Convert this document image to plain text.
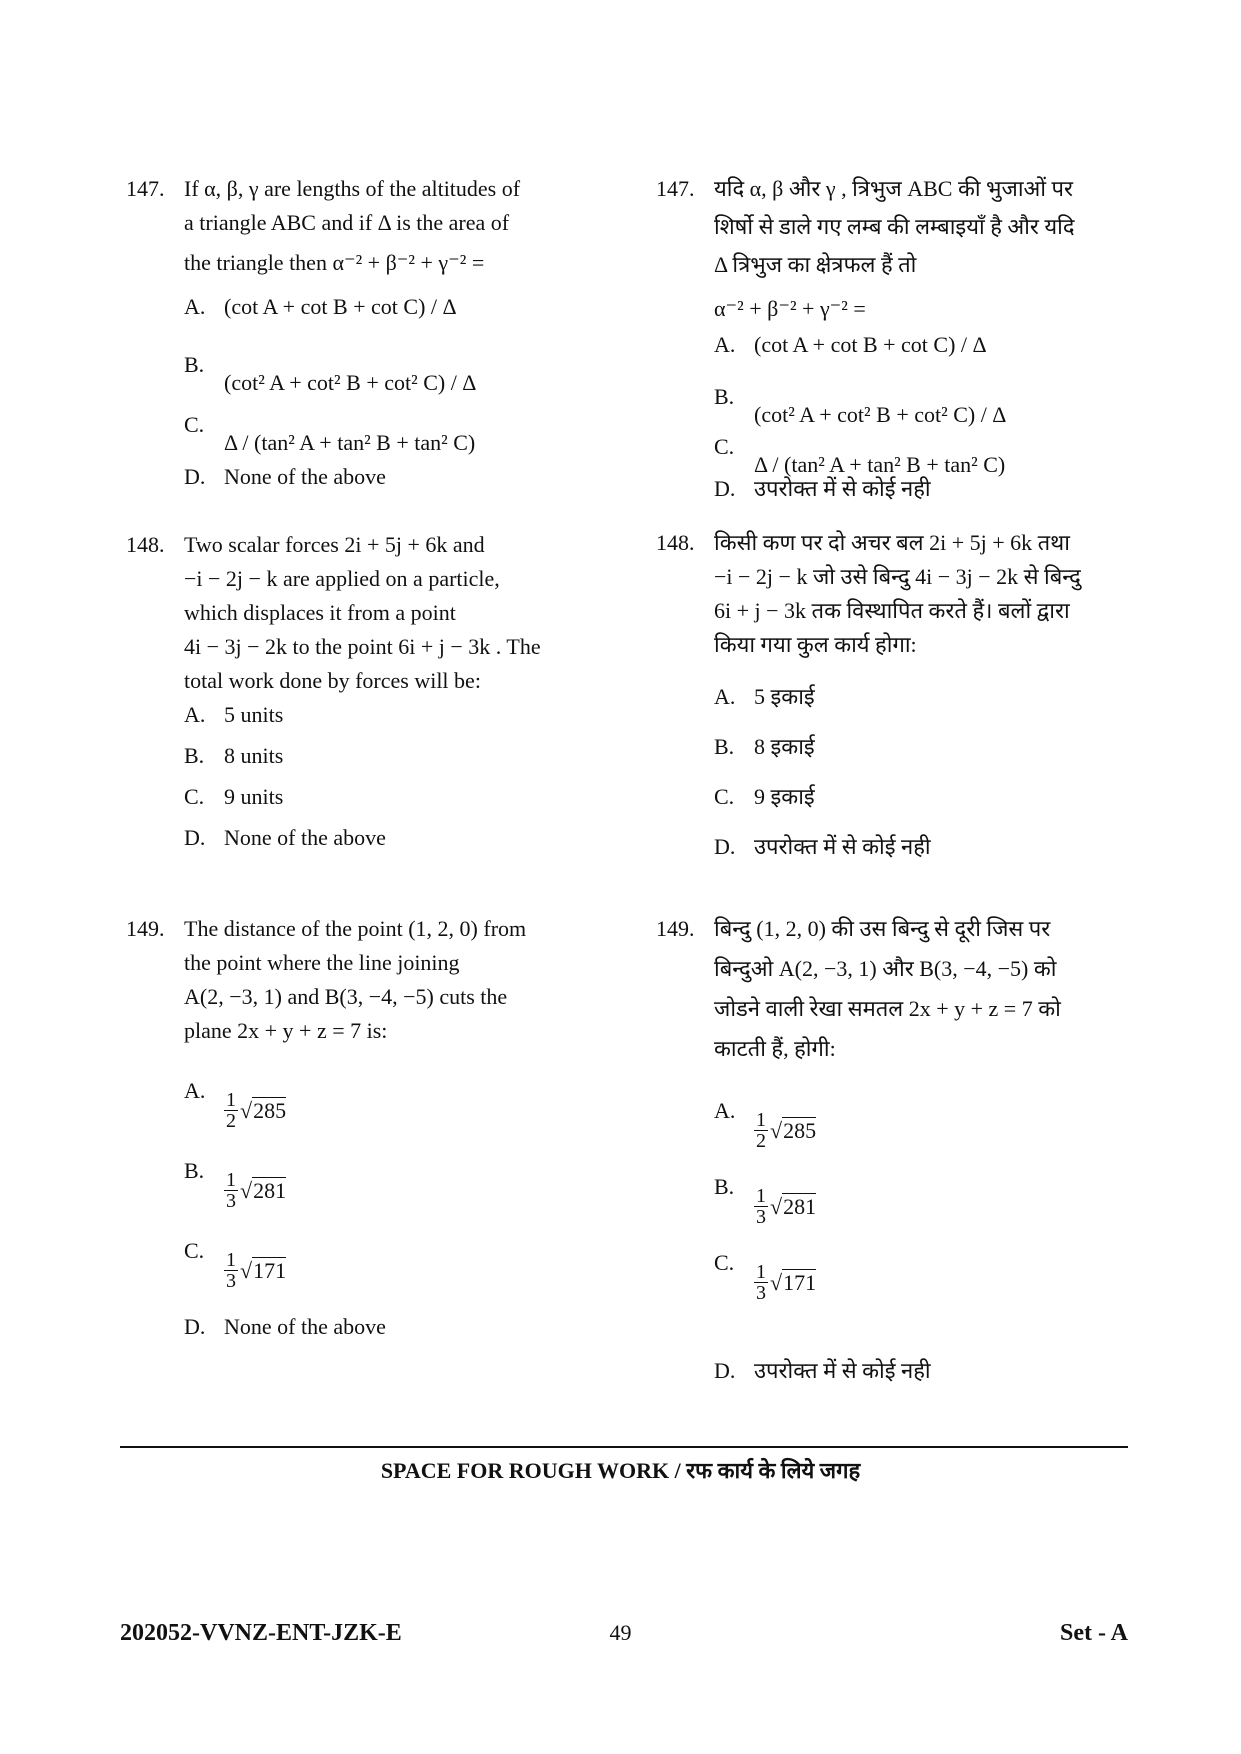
147. If α, β, γ are lengths of the altitudes of
a triangle ABC and if Δ is the area of
the triangle then α⁻² + β⁻² + γ⁻² =
A. (cot A + cot B + cot C) / Δ
B.(cot² A + cot² B + cot² C) / Δ
C.Δ / (tan² A + tan² B + tan² C)
D. None of the above
148. Two scalar forces 2i + 5j + 6k and
−i − 2j − k are applied on a particle,
which displaces it from a point
4i − 3j − 2k to the point 6i + j − 3k . The
total work done by forces will be:
A. 5 units
B. 8 units
C. 9 units
D. None of the above
149. The distance of the point (1, 2, 0) from
the point where the line joining
A(2, −3, 1) and B(3, −4, −5) cuts the
plane 2x + y + z = 7 is:
A. $\frac{1}{2} √285$
B. $\frac{1}{3} √281$
C. $\frac{1}{3} √171$
D. None of the above
147. यदि α, β और γ , त्रिभुज ABC की भुजाओं पर
शिर्षो से डाले गए लम्ब की लम्बाइयाँ है और यदि
Δ त्रिभुज का क्षेत्रफल हैं तो
α⁻² + β⁻² + γ⁻² =
A. (cot A + cot B + cot C) / Δ
B.(cot² A + cot² B + cot² C) / Δ
C.Δ / (tan² A + tan² B + tan² C)
D. उपरोक्त में से कोई नही
148. किसी कण पर दो अचर बल 2i + 5j + 6k तथा
−i − 2j − k जो उसे बिन्दु 4i − 3j − 2k से बिन्दु
6i + j − 3k तक विस्थापित करते हैं। बलों द्वारा
किया गया कुल कार्य होगा:
A. 5 इकाई
B. 8 इकाई
C. 9 इकाई
D. उपरोक्त में से कोई नही
149. बिन्दु (1, 2, 0) की उस बिन्दु से दूरी जिस पर
बिन्दुओ A(2, −3, 1) और B(3, −4, −5) को
जोडने वाली रेखा समतल 2x + y + z = 7 को
काटती हैं, होगी:
A. $\frac{1}{2} √285$
B. $\frac{1}{3} √281$
C. $\frac{1}{3} √171$
D. उपरोक्त में से कोई नही
SPACE FOR ROUGH WORK / रफ कार्य के लिये जगह
202052-VVNZ-ENT-JZK-E	49	Set - A
